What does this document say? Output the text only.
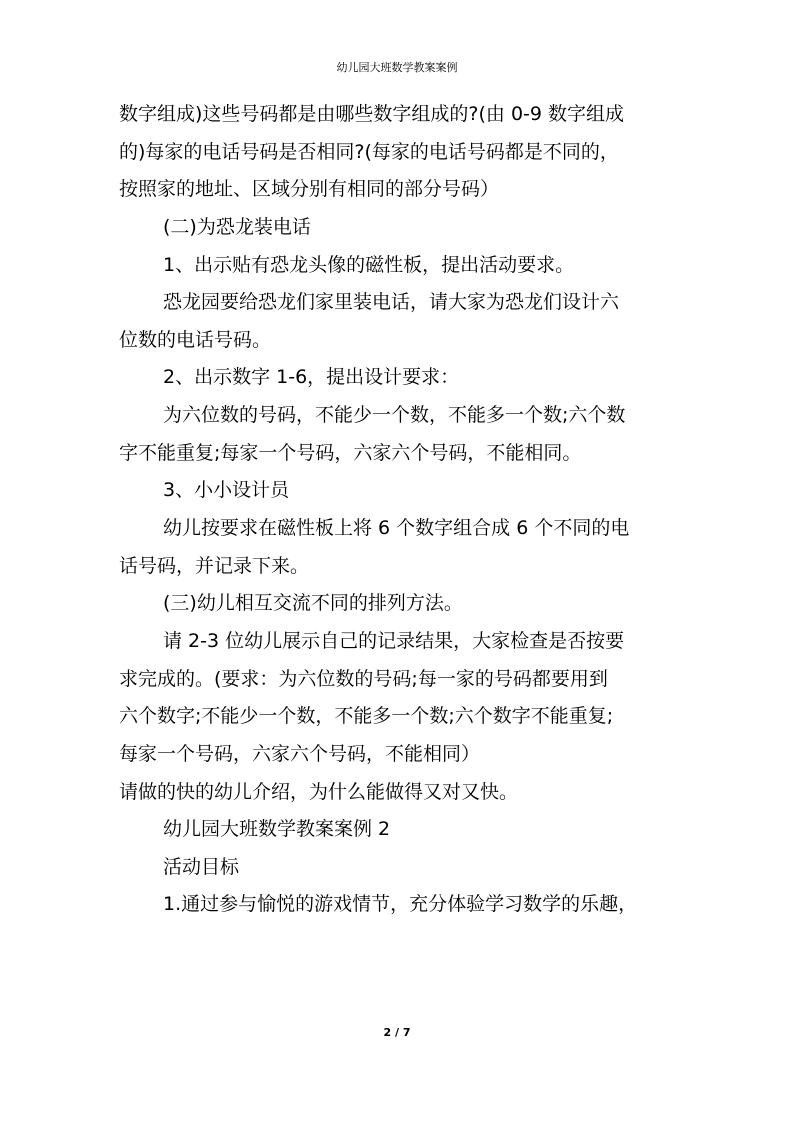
幼儿园大班数学教案案例
数字组成)这些号码都是由哪些数字组成的?(由 0-9 数字组成
的)每家的电话号码是否相同?(每家的电话号码都是不同的，
按照家的地址、区域分别有相同的部分号码）
(二)为恐龙装电话
1、出示贴有恐龙头像的磁性板，提出活动要求。
恐龙园要给恐龙们家里装电话，请大家为恐龙们设计六
位数的电话号码。
2、出示数字 1-6，提出设计要求：
为六位数的号码，不能少一个数，不能多一个数;六个数
字不能重复;每家一个号码，六家六个号码，不能相同。
3、小小设计员
幼儿按要求在磁性板上将 6 个数字组合成 6 个不同的电
话号码，并记录下来。
(三)幼儿相互交流不同的排列方法。
请 2-3 位幼儿展示自己的记录结果，大家检查是否按要
求完成的。(要求：为六位数的号码;每一家的号码都要用到
六个数字;不能少一个数，不能多一个数;六个数字不能重复;
每家一个号码，六家六个号码，不能相同）
请做的快的幼儿介绍，为什么能做得又对又快。
幼儿园大班数学教案案例 2
活动目标
1.通过参与愉悦的游戏情节，充分体验学习数学的乐趣，
2 / 7
